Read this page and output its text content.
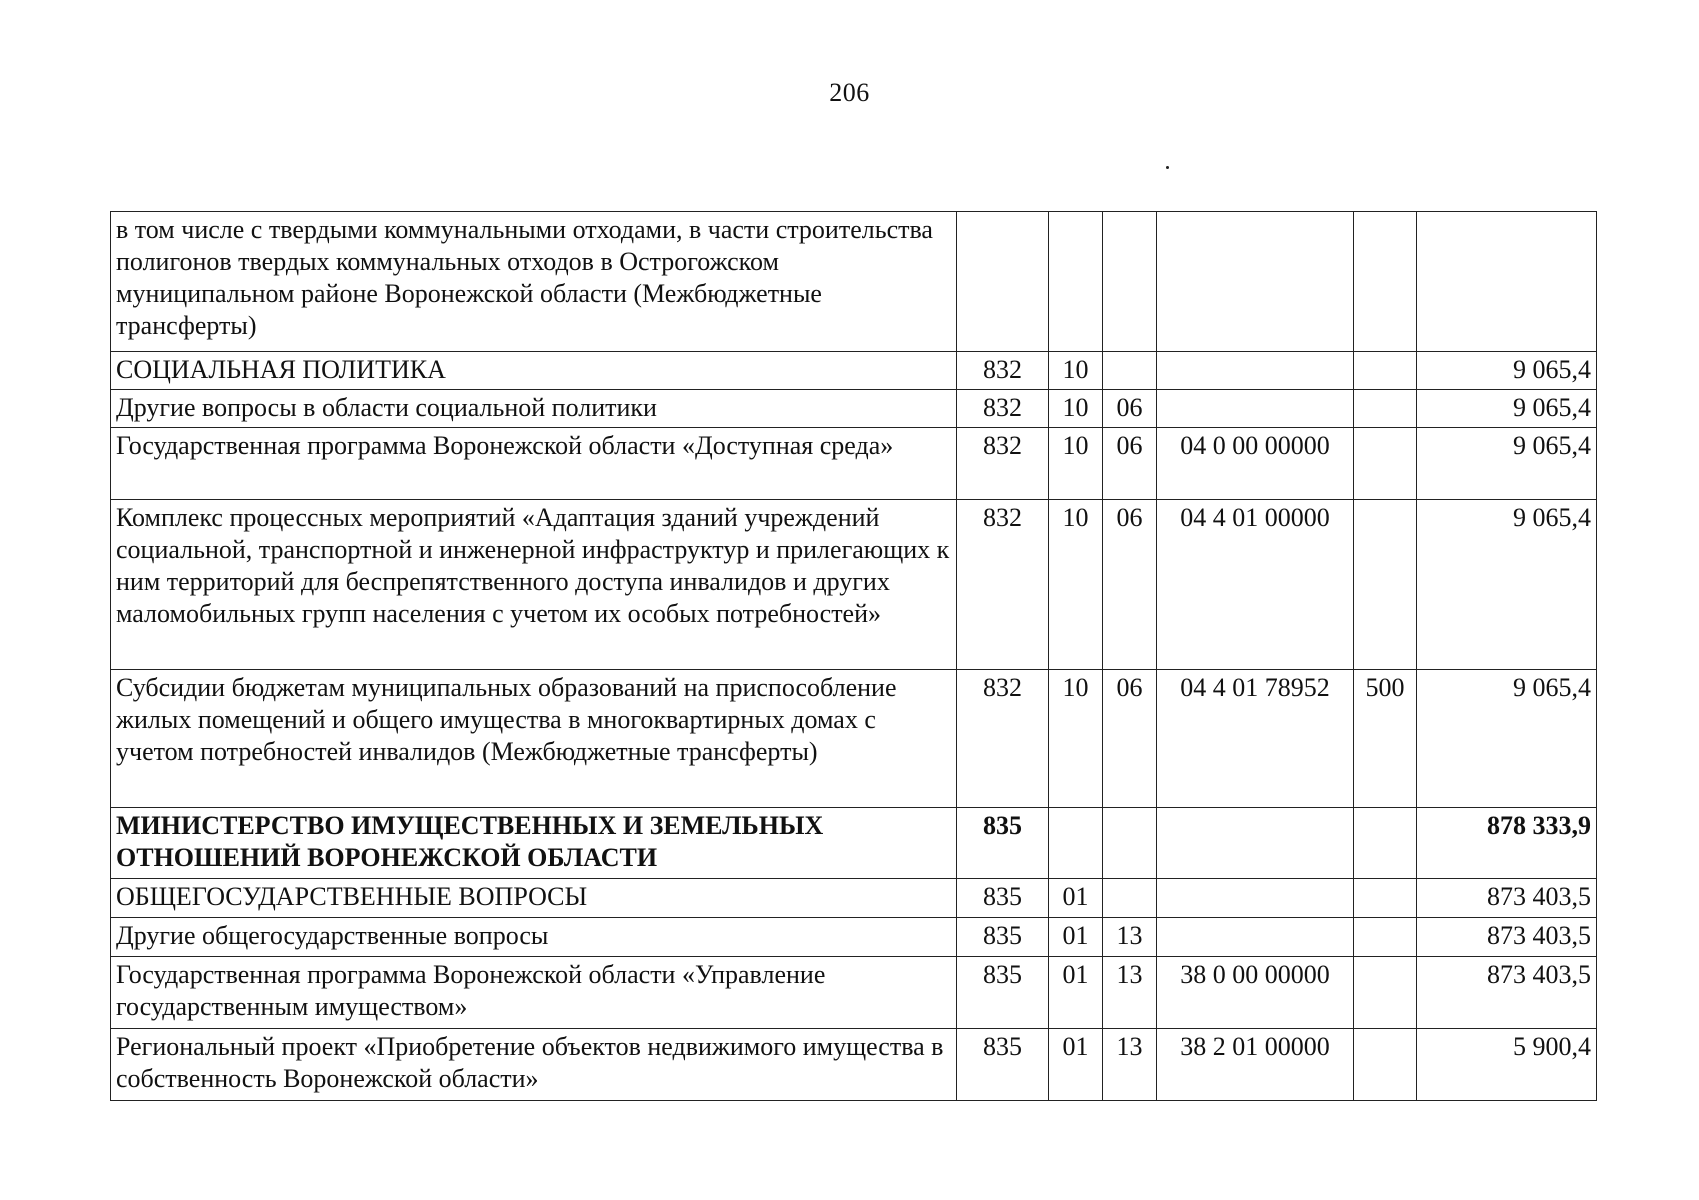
206
в том числе с твердыми коммунальными отходами, в части строительства полигонов твердых коммунальных отходов в Острогожском муниципальном районе Воронежской области (Межбюджетные трансферты)						
СОЦИАЛЬНАЯ ПОЛИТИКА	832	10				9 065,4
Другие вопросы в области социальной политики	832	10	06			9 065,4
Государственная программа Воронежской области «Доступная среда»	832	10	06	04 0 00 00000		9 065,4
Комплекс процессных мероприятий «Адаптация зданий учреждений социальной, транспортной и инженерной инфраструктур и прилегающих к ним территорий для беспрепятственного доступа инвалидов и других маломобильных групп населения с учетом их особых потребностей»	832	10	06	04 4 01 00000		9 065,4
Субсидии бюджетам муниципальных образований на приспособление жилых помещений и общего имущества в многоквартирных домах с учетом потребностей инвалидов (Межбюджетные трансферты)	832	10	06	04 4 01 78952	500	9 065,4
МИНИСТЕРСТВО ИМУЩЕСТВЕННЫХ И ЗЕМЕЛЬНЫХ ОТНОШЕНИЙ ВОРОНЕЖСКОЙ ОБЛАСТИ	835					878 333,9
ОБЩЕГОСУДАРСТВЕННЫЕ ВОПРОСЫ	835	01				873 403,5
Другие общегосударственные вопросы	835	01	13			873 403,5
Государственная программа Воронежской области «Управление государственным имуществом»	835	01	13	38 0 00 00000		873 403,5
Региональный проект «Приобретение объектов недвижимого имущества в собственность Воронежской области»	835	01	13	38 2 01 00000		5 900,4
